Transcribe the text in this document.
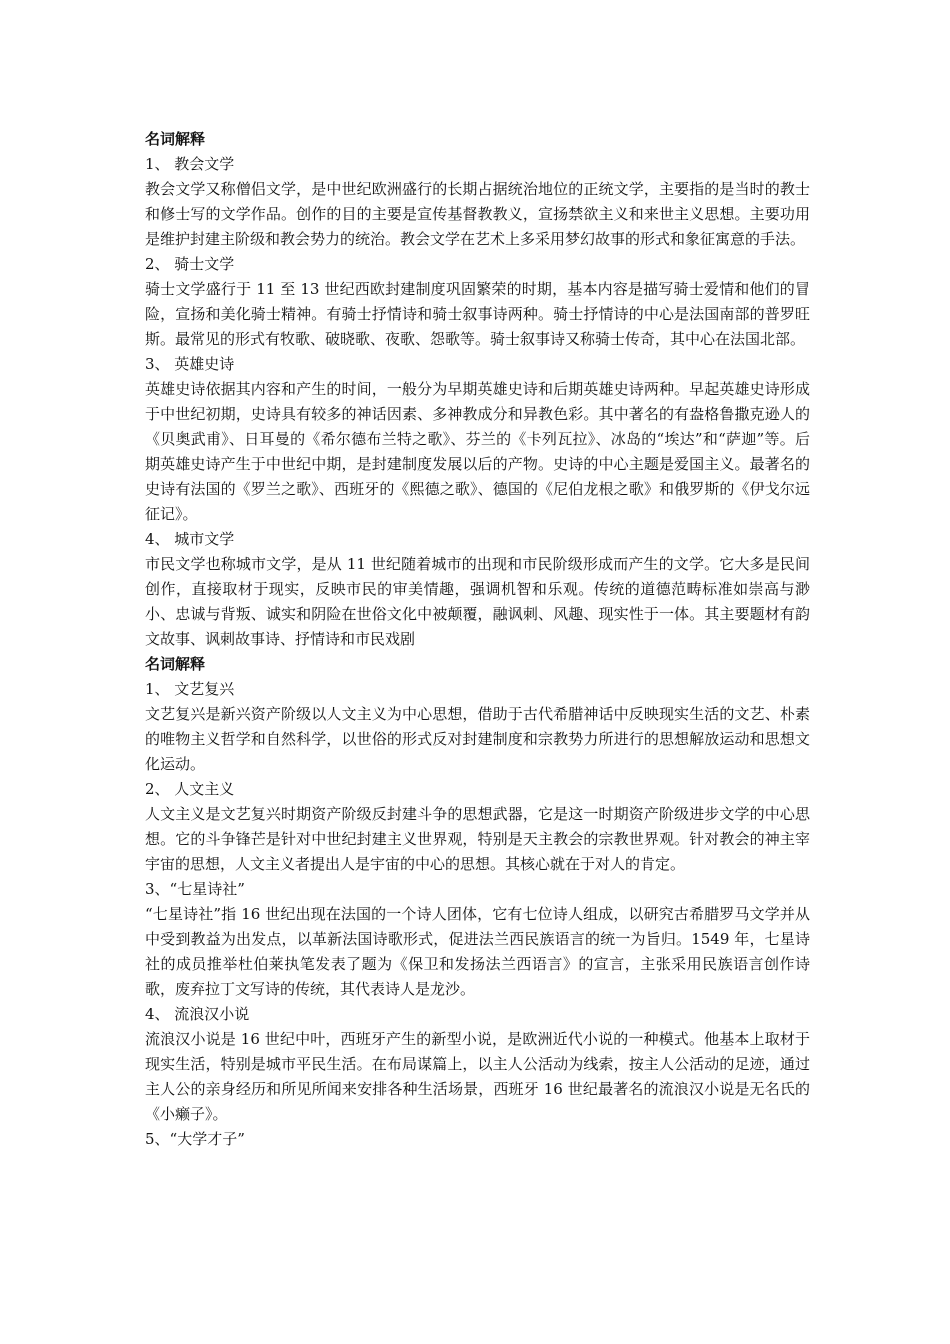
名词解释

1、 教会文学

教会文学又称僧侣文学，是中世纪欧洲盛行的长期占据统治地位的正统文学，主要指的是当时的教士和修士写的文学作品。创作的目的主要是宣传基督教教义，宣扬禁欲主义和来世主义思想。主要功用是维护封建主阶级和教会势力的统治。教会文学在艺术上多采用梦幻故事的形式和象征寓意的手法。

2、 骑士文学

骑士文学盛行于 11 至 13 世纪西欧封建制度巩固繁荣的时期，基本内容是描写骑士爱情和他们的冒险，宣扬和美化骑士精神。有骑士抒情诗和骑士叙事诗两种。骑士抒情诗的中心是法国南部的普罗旺斯。最常见的形式有牧歌、破晓歌、夜歌、怨歌等。骑士叙事诗又称骑士传奇，其中心在法国北部。

3、 英雄史诗

英雄史诗依据其内容和产生的时间，一般分为早期英雄史诗和后期英雄史诗两种。早起英雄史诗形成于中世纪初期，史诗具有较多的神话因素、多神教成分和异教色彩。其中著名的有盎格鲁撒克逊人的《贝奥武甫》、日耳曼的《希尔德布兰特之歌》、芬兰的《卡列瓦拉》、冰岛的“埃达”和“萨迦”等。后期英雄史诗产生于中世纪中期，是封建制度发展以后的产物。史诗的中心主题是爱国主义。最著名的史诗有法国的《罗兰之歌》、西班牙的《熙德之歌》、德国的《尼伯龙根之歌》和俄罗斯的《伊戈尔远征记》。

4、 城市文学

市民文学也称城市文学，是从 11 世纪随着城市的出现和市民阶级形成而产生的文学。它大多是民间创作，直接取材于现实，反映市民的审美情趣，强调机智和乐观。传统的道德范畴标准如崇高与渺小、忠诚与背叛、诚实和阴险在世俗文化中被颠覆，融讽刺、风趣、现实性于一体。其主要题材有韵文故事、讽刺故事诗、抒情诗和市民戏剧

名词解释

1、 文艺复兴

文艺复兴是新兴资产阶级以人文主义为中心思想，借助于古代希腊神话中反映现实生活的文艺、朴素的唯物主义哲学和自然科学，以世俗的形式反对封建制度和宗教势力所进行的思想解放运动和思想文化运动。

2、 人文主义

人文主义是文艺复兴时期资产阶级反封建斗争的思想武器，它是这一时期资产阶级进步文学的中心思想。它的斗争锋芒是针对中世纪封建主义世界观，特别是天主教会的宗教世界观。针对教会的神主宰宇宙的思想，人文主义者提出人是宇宙的中心的思想。其核心就在于对人的肯定。

3、“七星诗社”

“七星诗社”指 16 世纪出现在法国的一个诗人团体，它有七位诗人组成，以研究古希腊罗马文学并从中受到教益为出发点，以革新法国诗歌形式，促进法兰西民族语言的统一为旨归。1549 年，七星诗社的成员推举杜伯莱执笔发表了题为《保卫和发扬法兰西语言》的宣言，主张采用民族语言创作诗歌，废弃拉丁文写诗的传统，其代表诗人是龙沙。

4、 流浪汉小说

流浪汉小说是 16 世纪中叶，西班牙产生的新型小说，是欧洲近代小说的一种模式。他基本上取材于现实生活，特别是城市平民生活。在布局谋篇上，以主人公活动为线索，按主人公活动的足迹，通过主人公的亲身经历和所见所闻来安排各种生活场景，西班牙 16 世纪最著名的流浪汉小说是无名氏的《小癞子》。

5、“大学才子”
